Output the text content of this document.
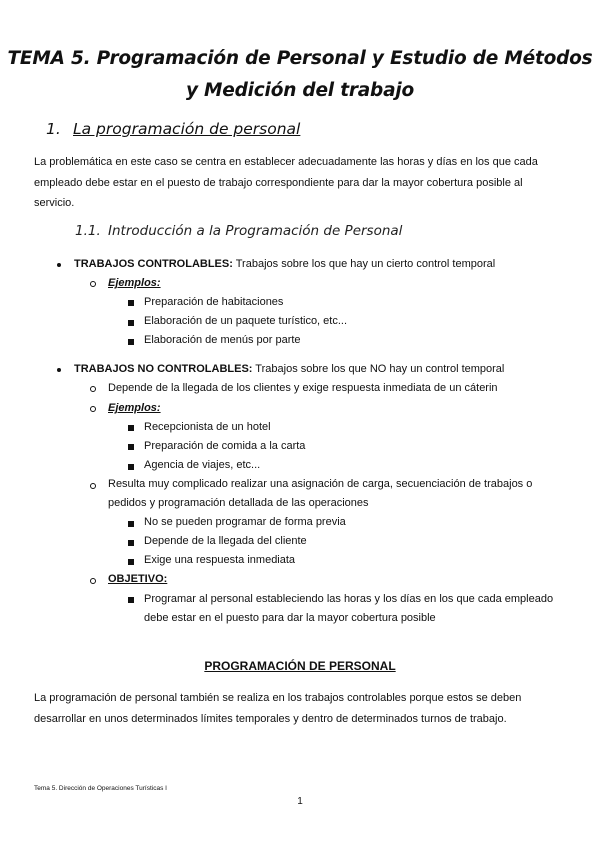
TEMA 5. Programación de Personal y Estudio de Métodos
y Medición del trabajo
1. La programación de personal
La problemática en este caso se centra en establecer adecuadamente las horas y días en los que cada
empleado debe estar en el puesto de trabajo correspondiente para dar la mayor cobertura posible al
servicio.
1.1. Introducción a la Programación de Personal
TRABAJOS CONTROLABLES: Trabajos sobre los que hay un cierto control temporal
Ejemplos:
Preparación de habitaciones
Elaboración de un paquete turístico, etc...
Elaboración de menús por parte
TRABAJOS NO CONTROLABLES: Trabajos sobre los que NO hay un control temporal
Depende de la llegada de los clientes y exige respuesta inmediata de un cáterin
Ejemplos:
Recepcionista de un hotel
Preparación de comida a la carta
Agencia de viajes, etc...
Resulta muy complicado realizar una asignación de carga, secuenciación de trabajos o
pedidos y programación detallada de las operaciones
No se pueden programar de forma previa
Depende de la llegada del cliente
Exige una respuesta inmediata
OBJETIVO:
Programar al personal estableciendo las horas y los días en los que cada empleado
debe estar en el puesto para dar la mayor cobertura posible
PROGRAMACIÓN DE PERSONAL
La programación de personal también se realiza en los trabajos controlables porque estos se deben
desarrollar en unos determinados límites temporales y dentro de determinados turnos de trabajo.
Tema 5. Dirección de Operaciones Turísticas I
1
